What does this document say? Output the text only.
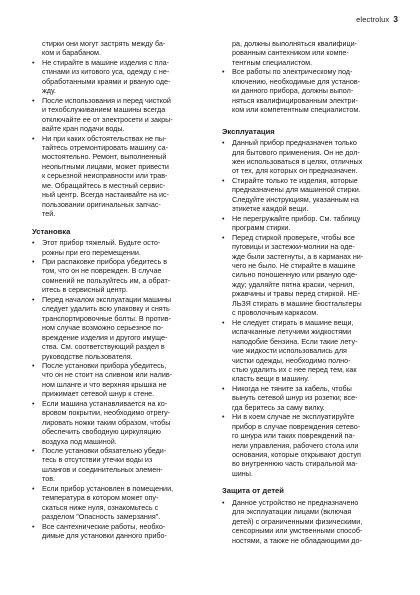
electrolux 3

стирки они могут застрять между ба-
ком и барабаном.

• Не стирайте в машине изделия с пла-
стинами из китового уса, одежду с не-
обработанными краями и рваную оде-
жду.
• После использования и перед чисткой
и техобслуживанием машины всегда
отключайте ее от электросети и закры-
вайте кран подачи воды.
• Ни при каких обстоятельствах не пы-
тайтесь отремонтировать машину са-
мостоятельно. Ремонт, выполненный
неопытными лицами, может привести
к серьезной неисправности или трав-
ме. Обращайтесь в местный сервис-
ный центр. Всегда настаивайте на ис-
пользовании оригинальных запчас-
тей.
Установка
• Этот прибор тяжелый. Будьте осто-
рожны при его перемещении.
• При распаковке прибора убедитесь в
том, что он не поврежден. В случае
сомнений не пользуйтесь им, а обрат-
итесь в сервисный центр.
• Перед началом эксплуатации машины
следует удалить всю упаковку и снять
транспортировочные болты. В против-
ном случае возможно серьезное по-
вреждение изделия и другого имуще-
ства. См. соответствующий раздел в
руководстве пользователя.
• После установки прибора убедитесь,
что он не стоит на сливном или налив-
ном шланге и что верхняя крышка не
прижимает сетевой шнур к стене.
• Если машина устанавливается на ко-
вровом покрытии, необходимо отрегу-
лировать ножки таким образом, чтобы
обеспечить свободную циркуляцию
воздуха под машиной.
• После установки обязательно убеди-
тесь в отсутствии утечки воды из
шлангов и соединительных элемен-
тов.
• Если прибор установлен в помещении,
температура в котором может опу-
скаться ниже нуля, ознакомьтесь с
разделом "Опасность замерзания".
• Все сантехнические работы, необхо-
димые для установки данного прибо-

ра, должны выполняться квалифици-
рованным сантехником или компе-
тентным специалистом.

• Все работы по электрическому под-
ключению, необходимые для установ-
ки данного прибора, должны выпол-
няться квалифицированным электри-
ком или компетентным специалистом.
Эксплуатация
• Данный прибор предназначен только
для бытового применения. Он не дол-
жен использоваться в целях, отличных
от тех, для которых он предназначен.
• Стирайте только те изделия, которые
предназначены для машинной стирки.
Следуйте инструкциям, указанным на
этикетке каждой вещи.
• Не перегружайте прибор. См. таблицу
программ стирки.
• Перед стиркой проверьте, чтобы все
пуговицы и застежки-молнии на оде-
жде были застегнуты, а в карманах ни-
чего не было. Не стирайте в машине
сильно поношенную или рваную оде-
жду; удаляйте пятна краски, чернил,
ржавчины и травы перед стиркой. НЕ-
ЛЬЗЯ стирать в машине бюстгальтеры
с проволочным каркасом.
• Не следует стирать в машине вещи,
испачканные летучими жидкостями
наподобие бензина. Если такие лету-
чие жидкости использовались для
чистки одежды, необходимо полно-
стью удалить их с нее перед тем, как
класть вещи в машину.
• Никогда не тяните за кабель, чтобы
вынуть сетевой шнур из розетки; все-
гда беритесь за саму вилку.
• Ни в коем случае не эксплуатируйте
прибор в случае повреждения сетево-
го шнура или таких повреждений па-
нели управления, рабочего стола или
основания, которые открывают доступ
во внутреннюю часть стиральной ма-
шины.
Защита от детей
• Данное устройство не предназначено
для эксплуатации лицами (включая
детей) с ограниченными физическими,
сенсорными или умственными способ-
ностями, а также не обладающими до-
